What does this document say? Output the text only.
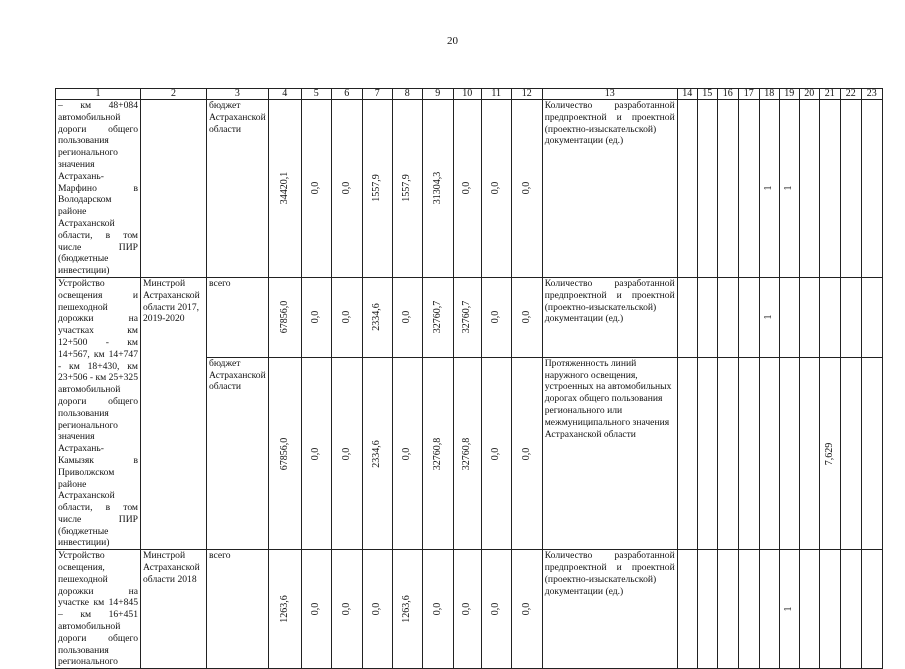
20
1	2	3	4	5	6	7	8	9	10	11	12	13	14	15	16	17	18	19	20	21	22	23
– км 48+084 автомобильной дороги общего пользования регионального значения Астрахань-Марфино в Володарском районе Астраханской области, в том числе ПИР (бюджетные инвестиции)		бюджет Астраханской области	34420,1	0,0	0,0	1557,9	1557,9	31304,3	0,0	0,0	0,0	Количество разработанной предпроектной и проектной (проектно-изыскательской) документации (ед.)					1	1				

Устройство освещения и пешеходной дорожки на участках км 12+500 - км 14+567, км 14+747 - км 18+430, км 23+506 - км 25+325 автомобильной дороги общего пользования регионального значения Астрахань-Камызяк в Приволжском районе Астраханской области, в том числе ПИР (бюджетные инвестиции)	Минстрой Астраханской области 2017, 2019-2020	всего	67856,0	0,0	0,0	2334,6	0,0	32760,7	32760,7	0,0	0,0	Количество разработанной предпроектной и проектной (проектно-изыскательской) документации (ед.)					1					

		бюджет Астраханской области	67856,0	0,0	0,0	2334,6	0,0	32760,8	32760,8	0,0	0,0	Протяженность линий наружного освещения, устроенных на автомобильных дорогах общего пользования регионального или межмуниципального значения Астраханской области								7,629		

Устройство освещения, пешеходной дорожки на участке км 14+845 – км 16+451 автомобильной дороги общего пользования регионального	Минстрой Астраханской области 2018	всего	1263,6	0,0	0,0	0,0	1263,6	0,0	0,0	0,0	0,0	Количество разработанной предпроектной и проектной (проектно-изыскательской) документации (ед.)						1				
